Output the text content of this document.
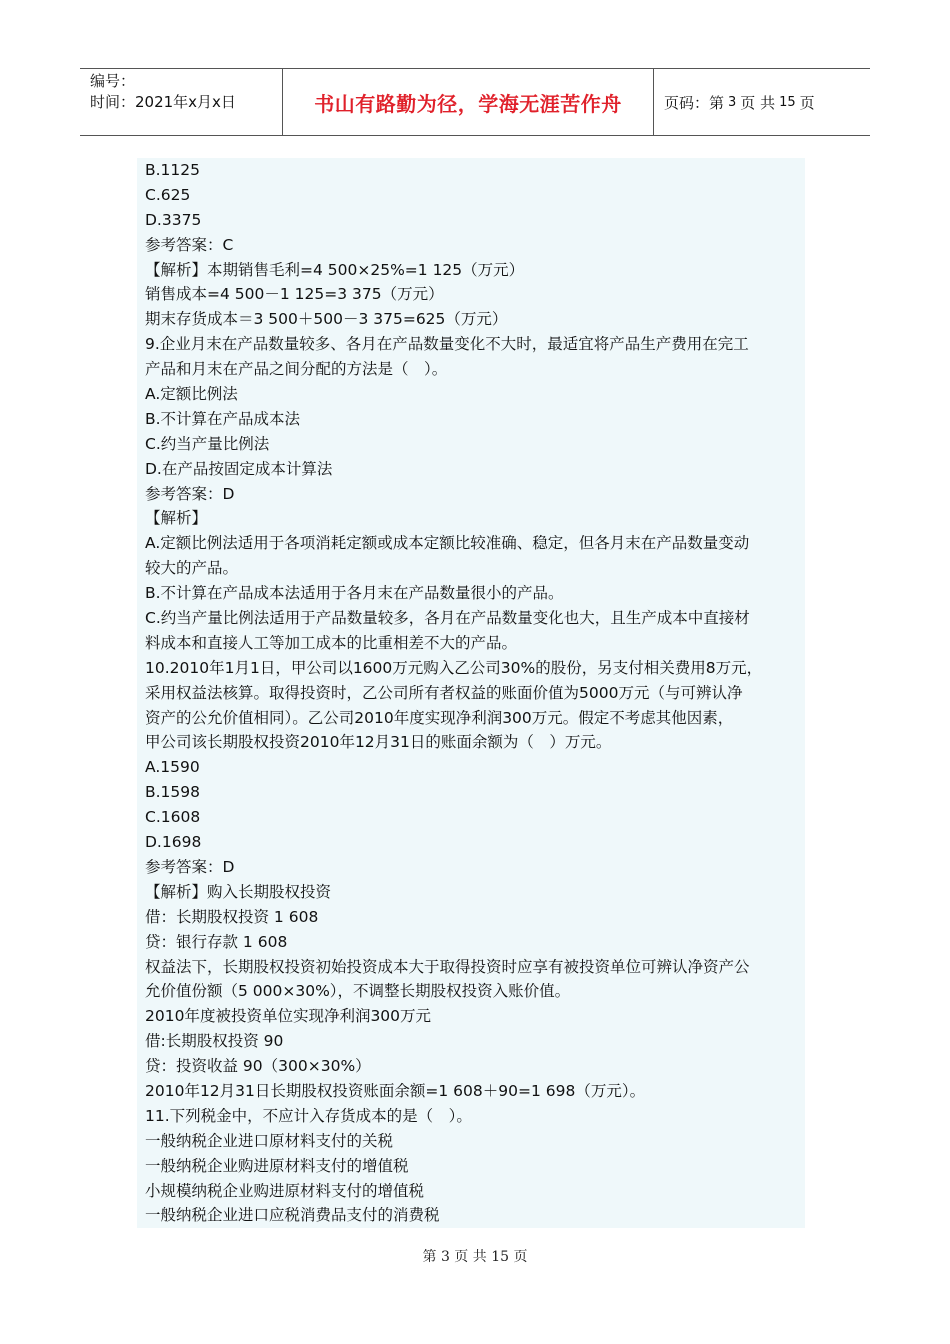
编号：
时间：2021年x月x日	书山有路勤为径，学海无涯苦作舟	页码：第 3 页 共 15 页
B.1125
C.625
D.3375
参考答案：C
【解析】本期销售毛利=4 500×25%=1 125（万元）
销售成本=4 500－1 125=3 375（万元）
期末存货成本＝3 500＋500－3 375=625（万元）
9.企业月末在产品数量较多、各月在产品数量变化不大时，最适宜将产品生产费用在完工
产品和月末在产品之间分配的方法是（　）。
A.定额比例法
B.不计算在产品成本法
C.约当产量比例法
D.在产品按固定成本计算法
参考答案：D
【解析】
A.定额比例法适用于各项消耗定额或成本定额比较准确、稳定，但各月末在产品数量变动
较大的产品。
B.不计算在产品成本法适用于各月末在产品数量很小的产品。
C.约当产量比例法适用于产品数量较多，各月在产品数量变化也大，且生产成本中直接材
料成本和直接人工等加工成本的比重相差不大的产品。
10.2010年1月1日，甲公司以1600万元购入乙公司30%的股份，另支付相关费用8万元，
采用权益法核算。取得投资时，乙公司所有者权益的账面价值为5000万元（与可辨认净
资产的公允价值相同）。乙公司2010年度实现净利润300万元。假定不考虑其他因素，
甲公司该长期股权投资2010年12月31日的账面余额为（　）万元。
A.1590
B.1598
C.1608
D.1698
参考答案：D
【解析】购入长期股权投资
借：长期股权投资 1 608
贷：银行存款 1 608
权益法下，长期股权投资初始投资成本大于取得投资时应享有被投资单位可辨认净资产公
允价值份额（5 000×30%），不调整长期股权投资入账价值。
2010年度被投资单位实现净利润300万元
借:长期股权投资 90
贷：投资收益 90（300×30%）
2010年12月31日长期股权投资账面余额=1 608＋90=1 698（万元）。
11.下列税金中，不应计入存货成本的是（　）。
一般纳税企业进口原材料支付的关税
一般纳税企业购进原材料支付的增值税
小规模纳税企业购进原材料支付的增值税
一般纳税企业进口应税消费品支付的消费税
第 3 页 共 15 页
